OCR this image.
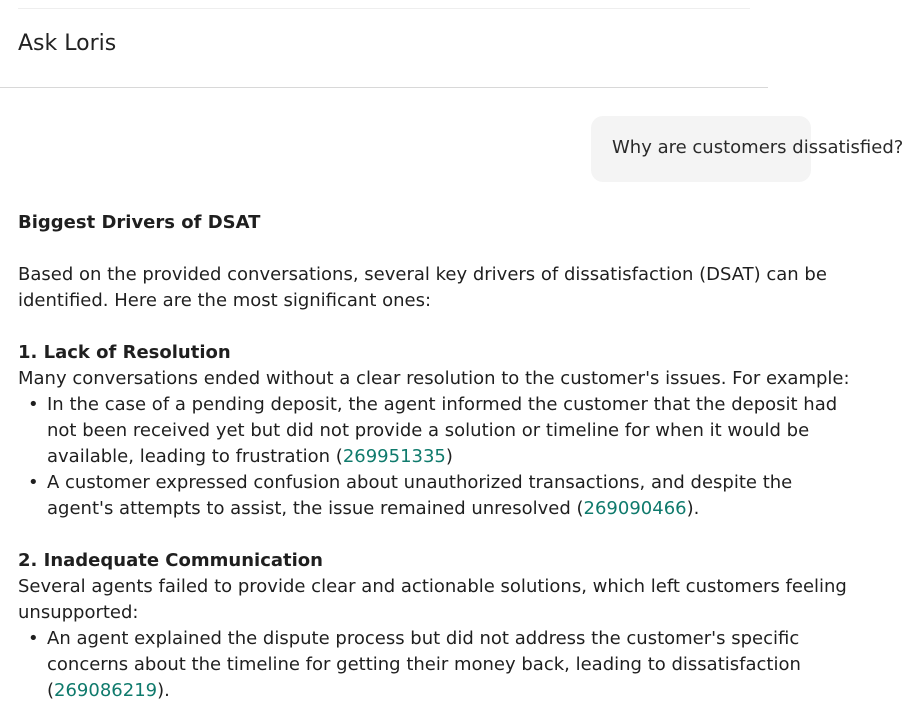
Ask Loris
Why are customers dissatisfied?
Biggest Drivers of DSAT
Based on the provided conversations, several key drivers of dissatisfaction (DSAT) can be
identified. Here are the most significant ones:
1. Lack of Resolution
Many conversations ended without a clear resolution to the customer's issues. For example:
• In the case of a pending deposit, the agent informed the customer that the deposit had
not been received yet but did not provide a solution or timeline for when it would be
available, leading to frustration (269951335)
• A customer expressed confusion about unauthorized transactions, and despite the
agent's attempts to assist, the issue remained unresolved (269090466).
2. Inadequate Communication
Several agents failed to provide clear and actionable solutions, which left customers feeling
unsupported:
• An agent explained the dispute process but did not address the customer's specific
concerns about the timeline for getting their money back, leading to dissatisfaction
(269086219).
